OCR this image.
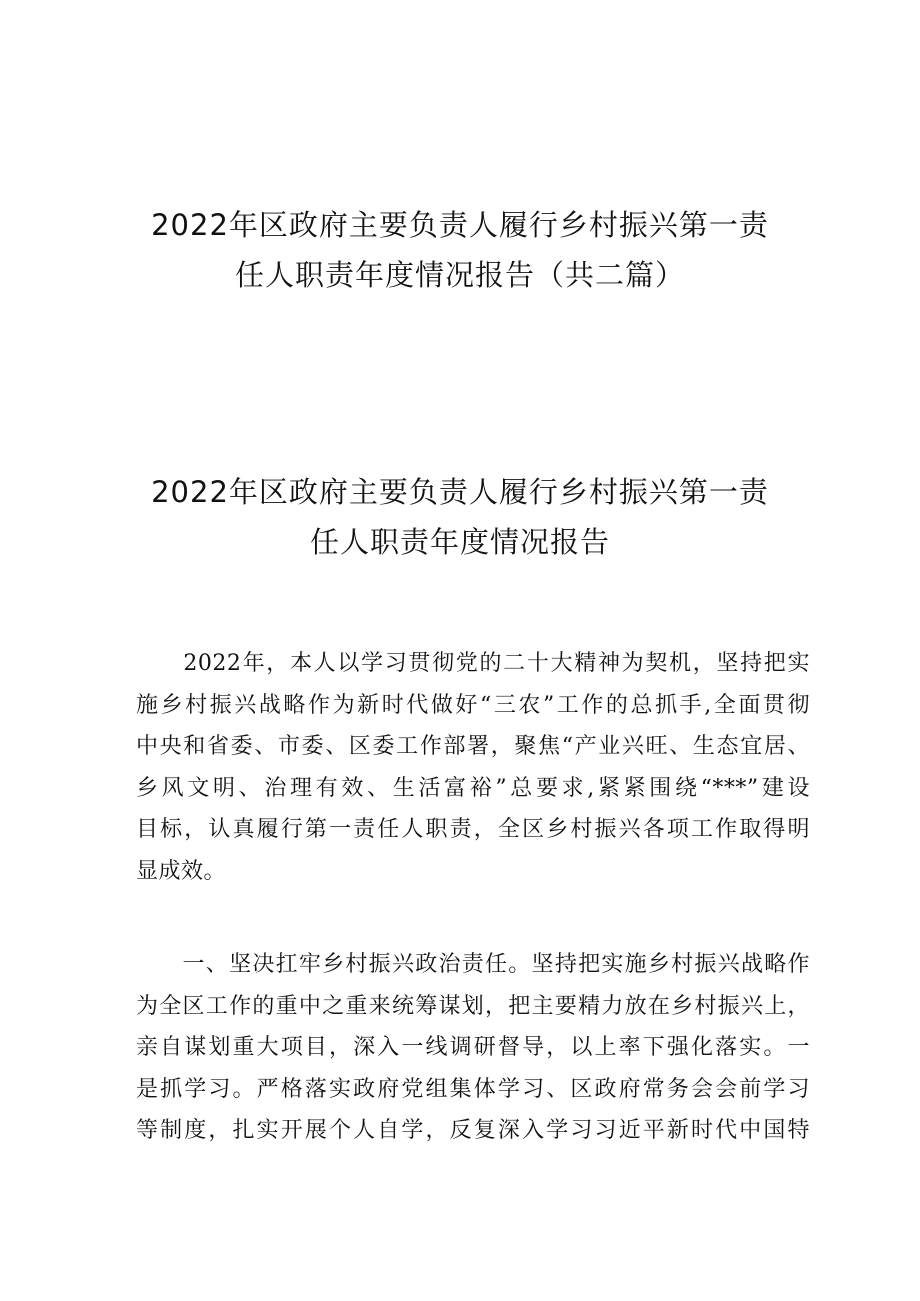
2022年区政府主要负责人履行乡村振兴第一责
任人职责年度情况报告（共二篇）
2022年区政府主要负责人履行乡村振兴第一责
任人职责年度情况报告
　　2022年，本人以学习贯彻党的二十大精神为契机，坚持把实
施乡村振兴战略作为新时代做好“三农”工作的总抓手,全面贯彻
中央和省委、市委、区委工作部署，聚焦“产业兴旺、生态宜居、
乡风文明、治理有效、生活富裕”总要求,紧紧围绕“***”建设
目标，认真履行第一责任人职责，全区乡村振兴各项工作取得明
显成效。
　　一、坚决扛牢乡村振兴政治责任。坚持把实施乡村振兴战略作
为全区工作的重中之重来统筹谋划，把主要精力放在乡村振兴上，
亲自谋划重大项目，深入一线调研督导，以上率下强化落实。一
是抓学习。严格落实政府党组集体学习、区政府常务会会前学习
等制度，扎实开展个人自学，反复深入学习习近平新时代中国特
